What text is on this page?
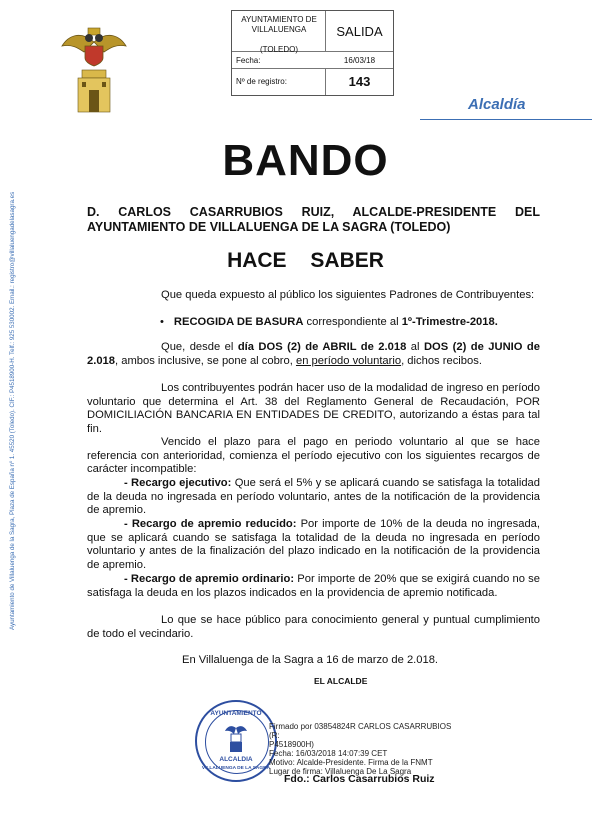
AYUNTAMIENTO DE VILLALUENGA
(TOLEDO)
SALIDA
Fecha:	16/03/18
Nº de registro:	143
Alcaldía
BANDO
D. CARLOS CASARRUBIOS RUIZ, ALCALDE-PRESIDENTE DEL AYUNTAMIENTO DE VILLALUENGA DE LA SAGRA (TOLEDO)
HACE SABER
Que queda expuesto al público los siguientes Padrones de Contribuyentes:
• RECOGIDA DE BASURA correspondiente al 1º-Trimestre-2018.
Que, desde el día DOS (2) de ABRIL de 2.018 al DOS (2) de JUNIO de 2.018, ambos inclusive, se pone al cobro, en período voluntario, dichos recibos.
Los contribuyentes podrán hacer uso de la modalidad de ingreso en período voluntario que determina el Art. 38 del Reglamento General de Recaudación, POR DOMICILIACIÓN BANCARIA EN ENTIDADES DE CREDITO, autorizando a éstas para tal fin.
Vencido el plazo para el pago en periodo voluntario al que se hace referencia con anterioridad, comienza el período ejecutivo con los siguientes recargos de carácter incompatible:
- Recargo ejecutivo: Que será el 5% y se aplicará cuando se satisfaga la totalidad de la deuda no ingresada en período voluntario, antes de la notificación de la providencia de apremio.
- Recargo de apremio reducido: Por importe de 10% de la deuda no ingresada, que se aplicará cuando se satisfaga la totalidad de la deuda no ingresada en período voluntario y antes de la finalización del plazo indicado en la notificación de la providencia de apremio.
- Recargo de apremio ordinario: Por importe de 20% que se exigirá cuando no se satisfaga la deuda en los plazos indicados en la providencia de apremio notificada.
Lo que se hace público para conocimiento general y puntual cumplimiento de todo el vecindario.
En Villaluenga de la Sagra a 16 de marzo de 2.018.
EL ALCALDE
AYUNTAMIENTO
ALCALDIA
VILLALUENGA DE LA SAGRA
Firmado por 03854824R CARLOS CASARRUBIOS (R:
P4518900H)
Fecha: 16/03/2018 14:07:39 CET
Motivo: Alcalde-Presidente. Firma de la FNMT
Lugar de firma: Villaluenga De La Sagra
Fdo.: Carlos Casarrubios Ruiz
Ayuntamiento de Villaluenga de la Sagra, Plaza de España nº 1. 45520 (Toledo). CIF.: P4518900-H. Telf.: 925 530002. Email.: registro@villaluengadelasagra.es
